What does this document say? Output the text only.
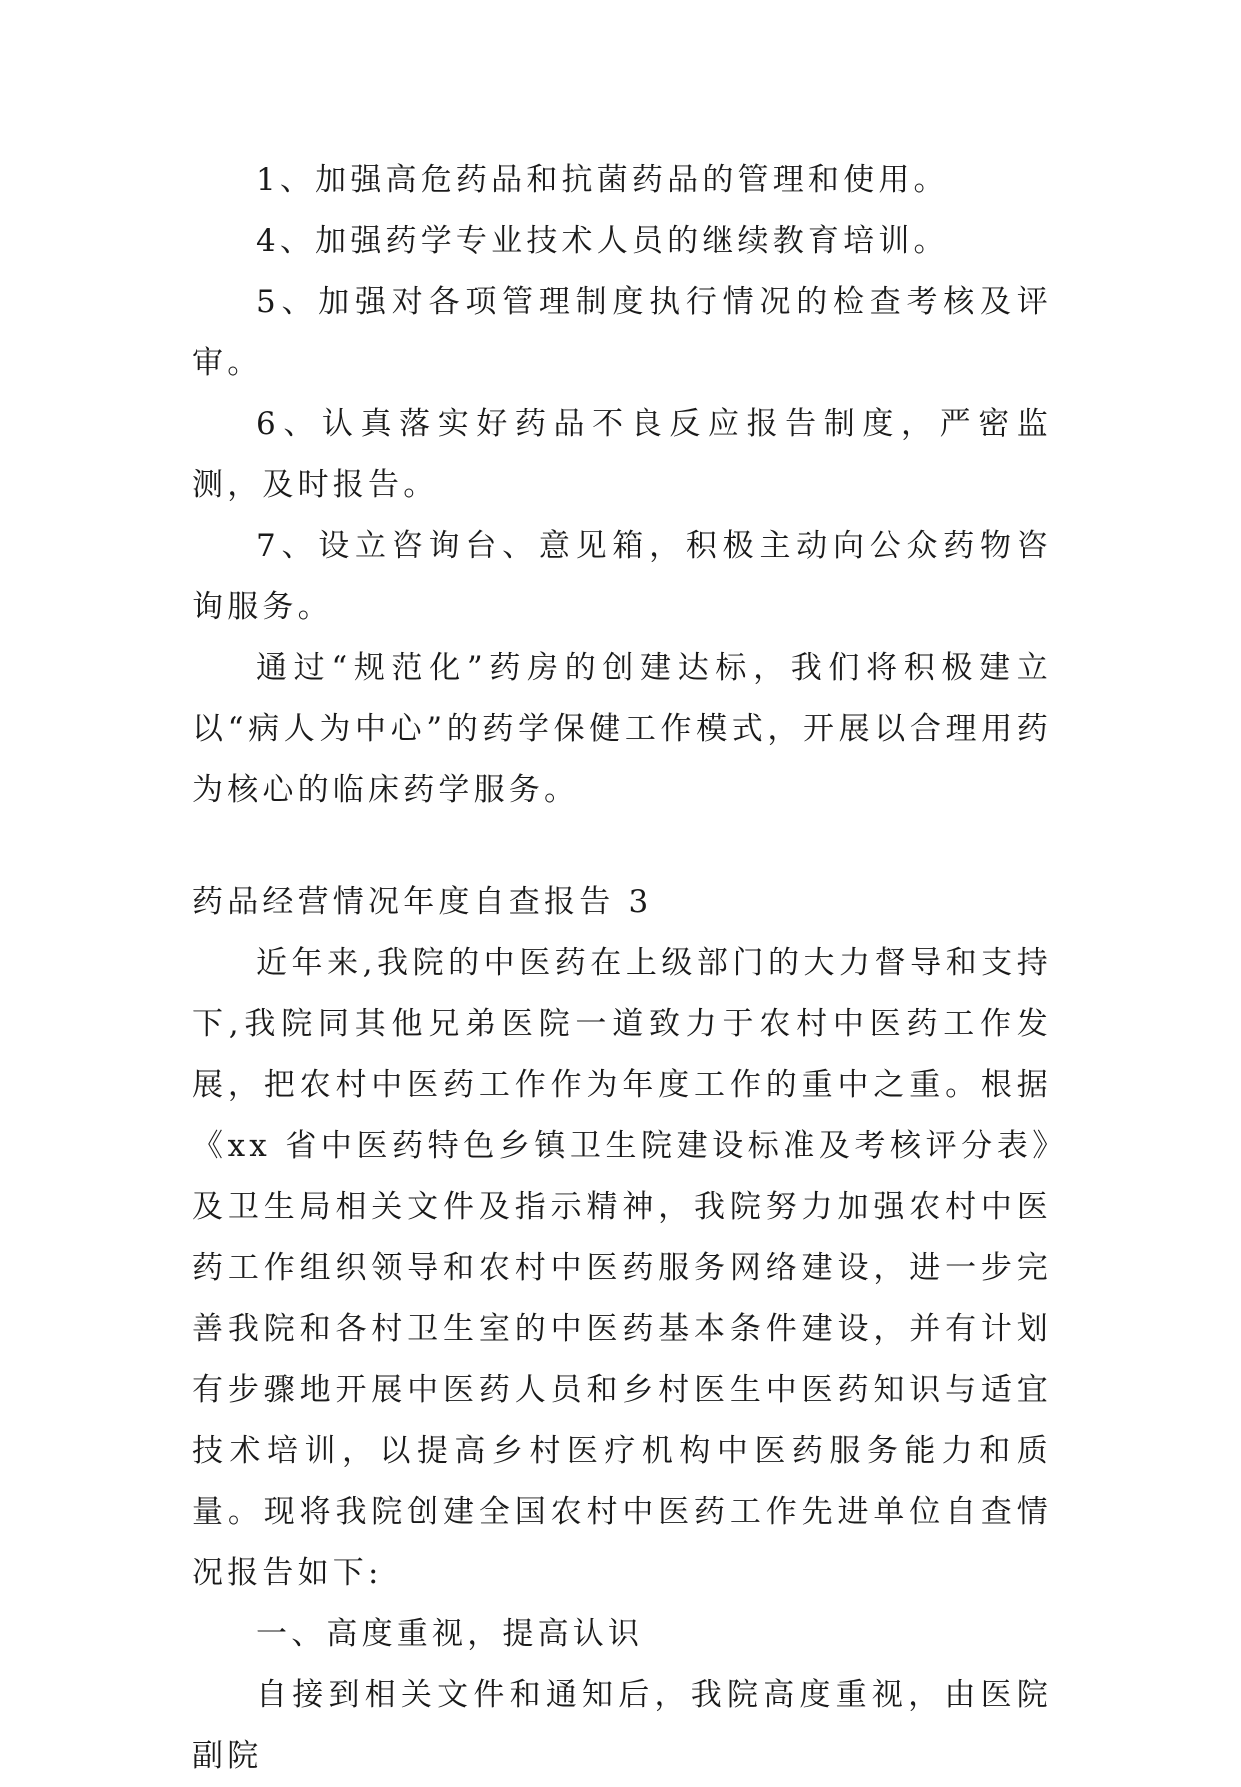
1、加强高危药品和抗菌药品的管理和使用。

4、加强药学专业技术人员的继续教育培训。

5、加强对各项管理制度执行情况的检查考核及评审。

6、认真落实好药品不良反应报告制度，严密监测，及时报告。

7、设立咨询台、意见箱，积极主动向公众药物咨询服务。

通过“规范化”药房的创建达标，我们将积极建立以“病人为中心”的药学保健工作模式，开展以合理用药为核心的临床药学服务。

药品经营情况年度自查报告 3

近年来,我院的中医药在上级部门的大力督导和支持下,我院同其他兄弟医院一道致力于农村中医药工作发展，把农村中医药工作作为年度工作的重中之重。根据《xx 省中医药特色乡镇卫生院建设标准及考核评分表》及卫生局相关文件及指示精神，我院努力加强农村中医药工作组织领导和农村中医药服务网络建设，进一步完善我院和各村卫生室的中医药基本条件建设，并有计划有步骤地开展中医药人员和乡村医生中医药知识与适宜技术培训，以提高乡村医疗机构中医药服务能力和质量。现将我院创建全国农村中医药工作先进单位自查情况报告如下:

一、高度重视，提高认识

自接到相关文件和通知后，我院高度重视，由医院副院
